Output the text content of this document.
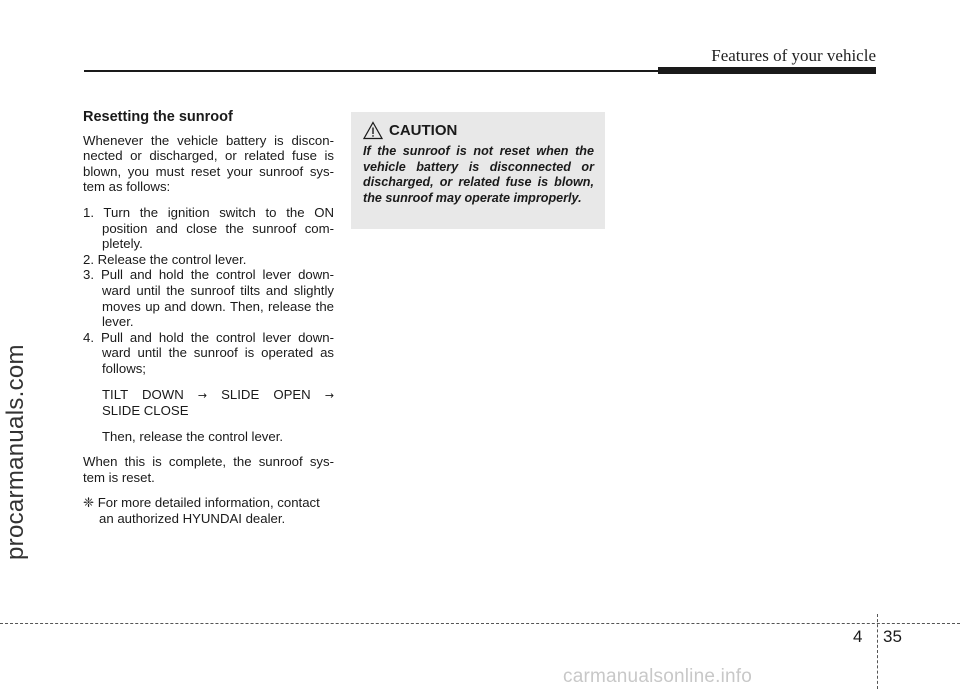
Features of your vehicle
procarmanuals.com
Resetting the sunroof

Whenever the vehicle battery is discon-nected or discharged, or related fuse is blown, you must reset your sunroof sys-tem as follows:

1. Turn the ignition switch to the ON position and close the sunroof com-pletely.
2. Release the control lever.
3. Pull and hold the control lever down-ward until the sunroof tilts and slightly moves up and down. Then, release the lever.
4. Pull and hold the control lever down-ward until the sunroof is operated as follows;
TILT DOWN → SLIDE OPEN →
SLIDE CLOSE
Then, release the control lever.

When this is complete, the sunroof sys-tem is reset.

❈ For more detailed information, contact an authorized HYUNDAI dealer.
CAUTION
If the sunroof is not reset when the vehicle battery is disconnected or discharged, or related fuse is blown, the sunroof may operate improperly.
4 35
carmanualsonline.info
